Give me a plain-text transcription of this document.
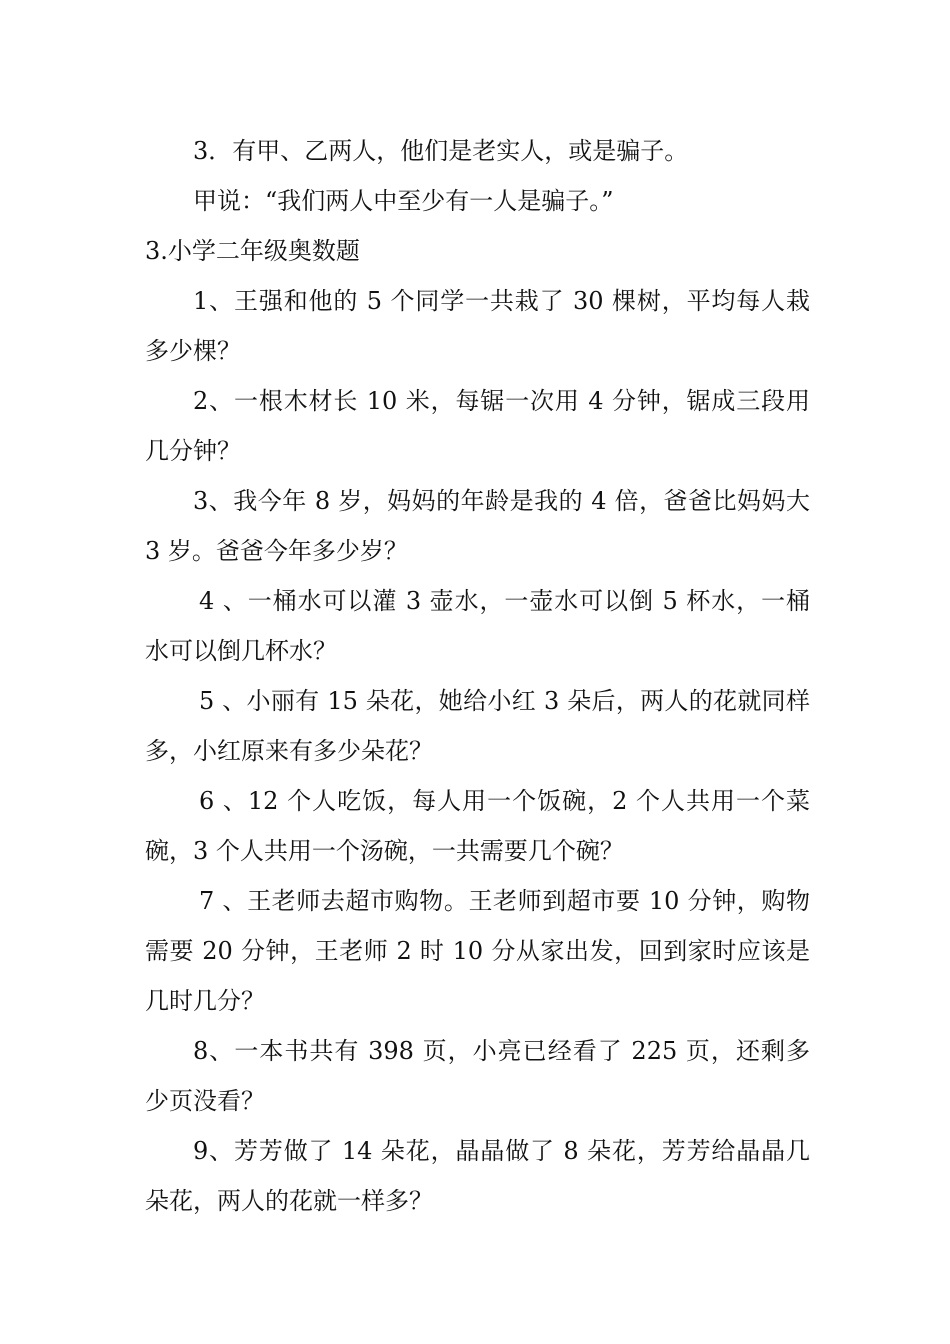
3．有甲、乙两人，他们是老实人，或是骗子。

甲说：“我们两人中至少有一人是骗子。”

3.小学二年级奥数题

1、王强和他的 5 个同学一共栽了 30 棵树，平均每人栽多少棵？

2、一根木材长 10 米，每锯一次用 4 分钟，锯成三段用几分钟？

3、我今年 8 岁，妈妈的年龄是我的 4 倍，爸爸比妈妈大 3 岁。爸爸今年多少岁？

4 、一桶水可以灌 3 壶水，一壶水可以倒 5 杯水，一桶水可以倒几杯水？

5 、小丽有 15 朵花，她给小红 3 朵后，两人的花就同样多，小红原来有多少朵花？

6 、12 个人吃饭，每人用一个饭碗，2 个人共用一个菜碗，3 个人共用一个汤碗，一共需要几个碗？

7 、王老师去超市购物。王老师到超市要 10 分钟，购物需要 20 分钟，王老师 2 时 10 分从家出发，回到家时应该是几时几分？

8、一本书共有 398 页，小亮已经看了 225 页，还剩多少页没看？

9、芳芳做了 14 朵花，晶晶做了 8 朵花，芳芳给晶晶几朵花，两人的花就一样多？
